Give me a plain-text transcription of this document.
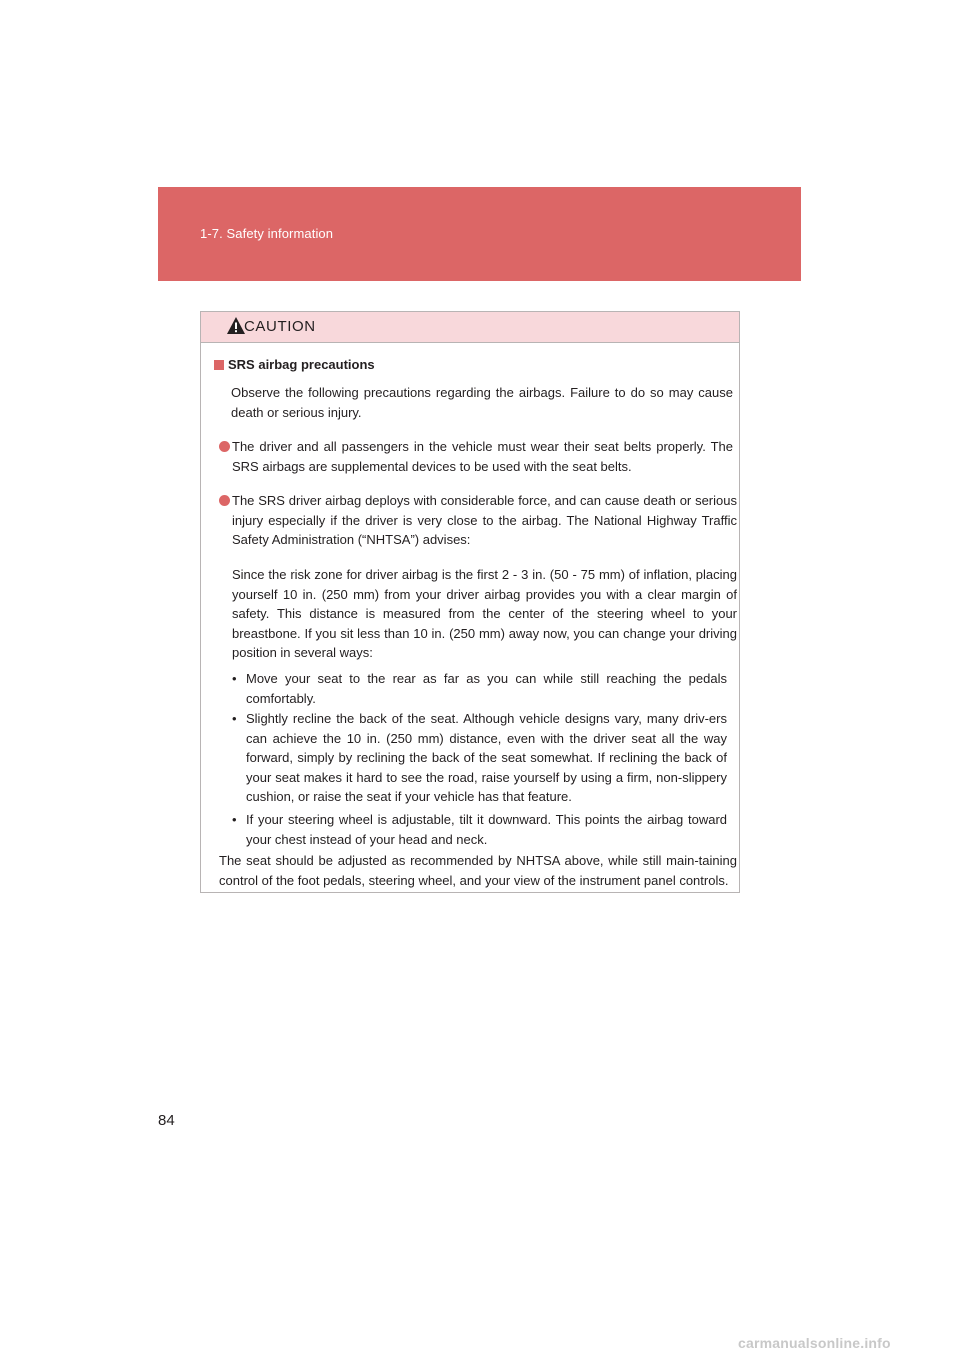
1-7. Safety information
CAUTION
SRS airbag precautions
Observe the following precautions regarding the airbags. Failure to do so may cause death or serious injury.
The driver and all passengers in the vehicle must wear their seat belts properly. The SRS airbags are supplemental devices to be used with the seat belts.
The SRS driver airbag deploys with considerable force, and can cause death or serious injury especially if the driver is very close to the airbag. The National Highway Traffic Safety Administration (“NHTSA”) advises:
Since the risk zone for driver airbag is the first 2 - 3 in. (50 - 75 mm) of inflation, placing yourself 10 in. (250 mm) from your driver airbag provides you with a clear margin of safety. This distance is measured from the center of the steering wheel to your breastbone. If you sit less than 10 in. (250 mm) away now, you can change your driving position in several ways:
• Move your seat to the rear as far as you can while still reaching the pedals comfortably.
• Slightly recline the back of the seat. Although vehicle designs vary, many driv-ers can achieve the 10 in. (250 mm) distance, even with the driver seat all the way forward, simply by reclining the back of the seat somewhat. If reclining the back of your seat makes it hard to see the road, raise yourself by using a firm, non-slippery cushion, or raise the seat if your vehicle has that feature.
• If your steering wheel is adjustable, tilt it downward. This points the airbag toward your chest instead of your head and neck.
The seat should be adjusted as recommended by NHTSA above, while still main-taining control of the foot pedals, steering wheel, and your view of the instrument panel controls.
84
carmanualsonline.info
